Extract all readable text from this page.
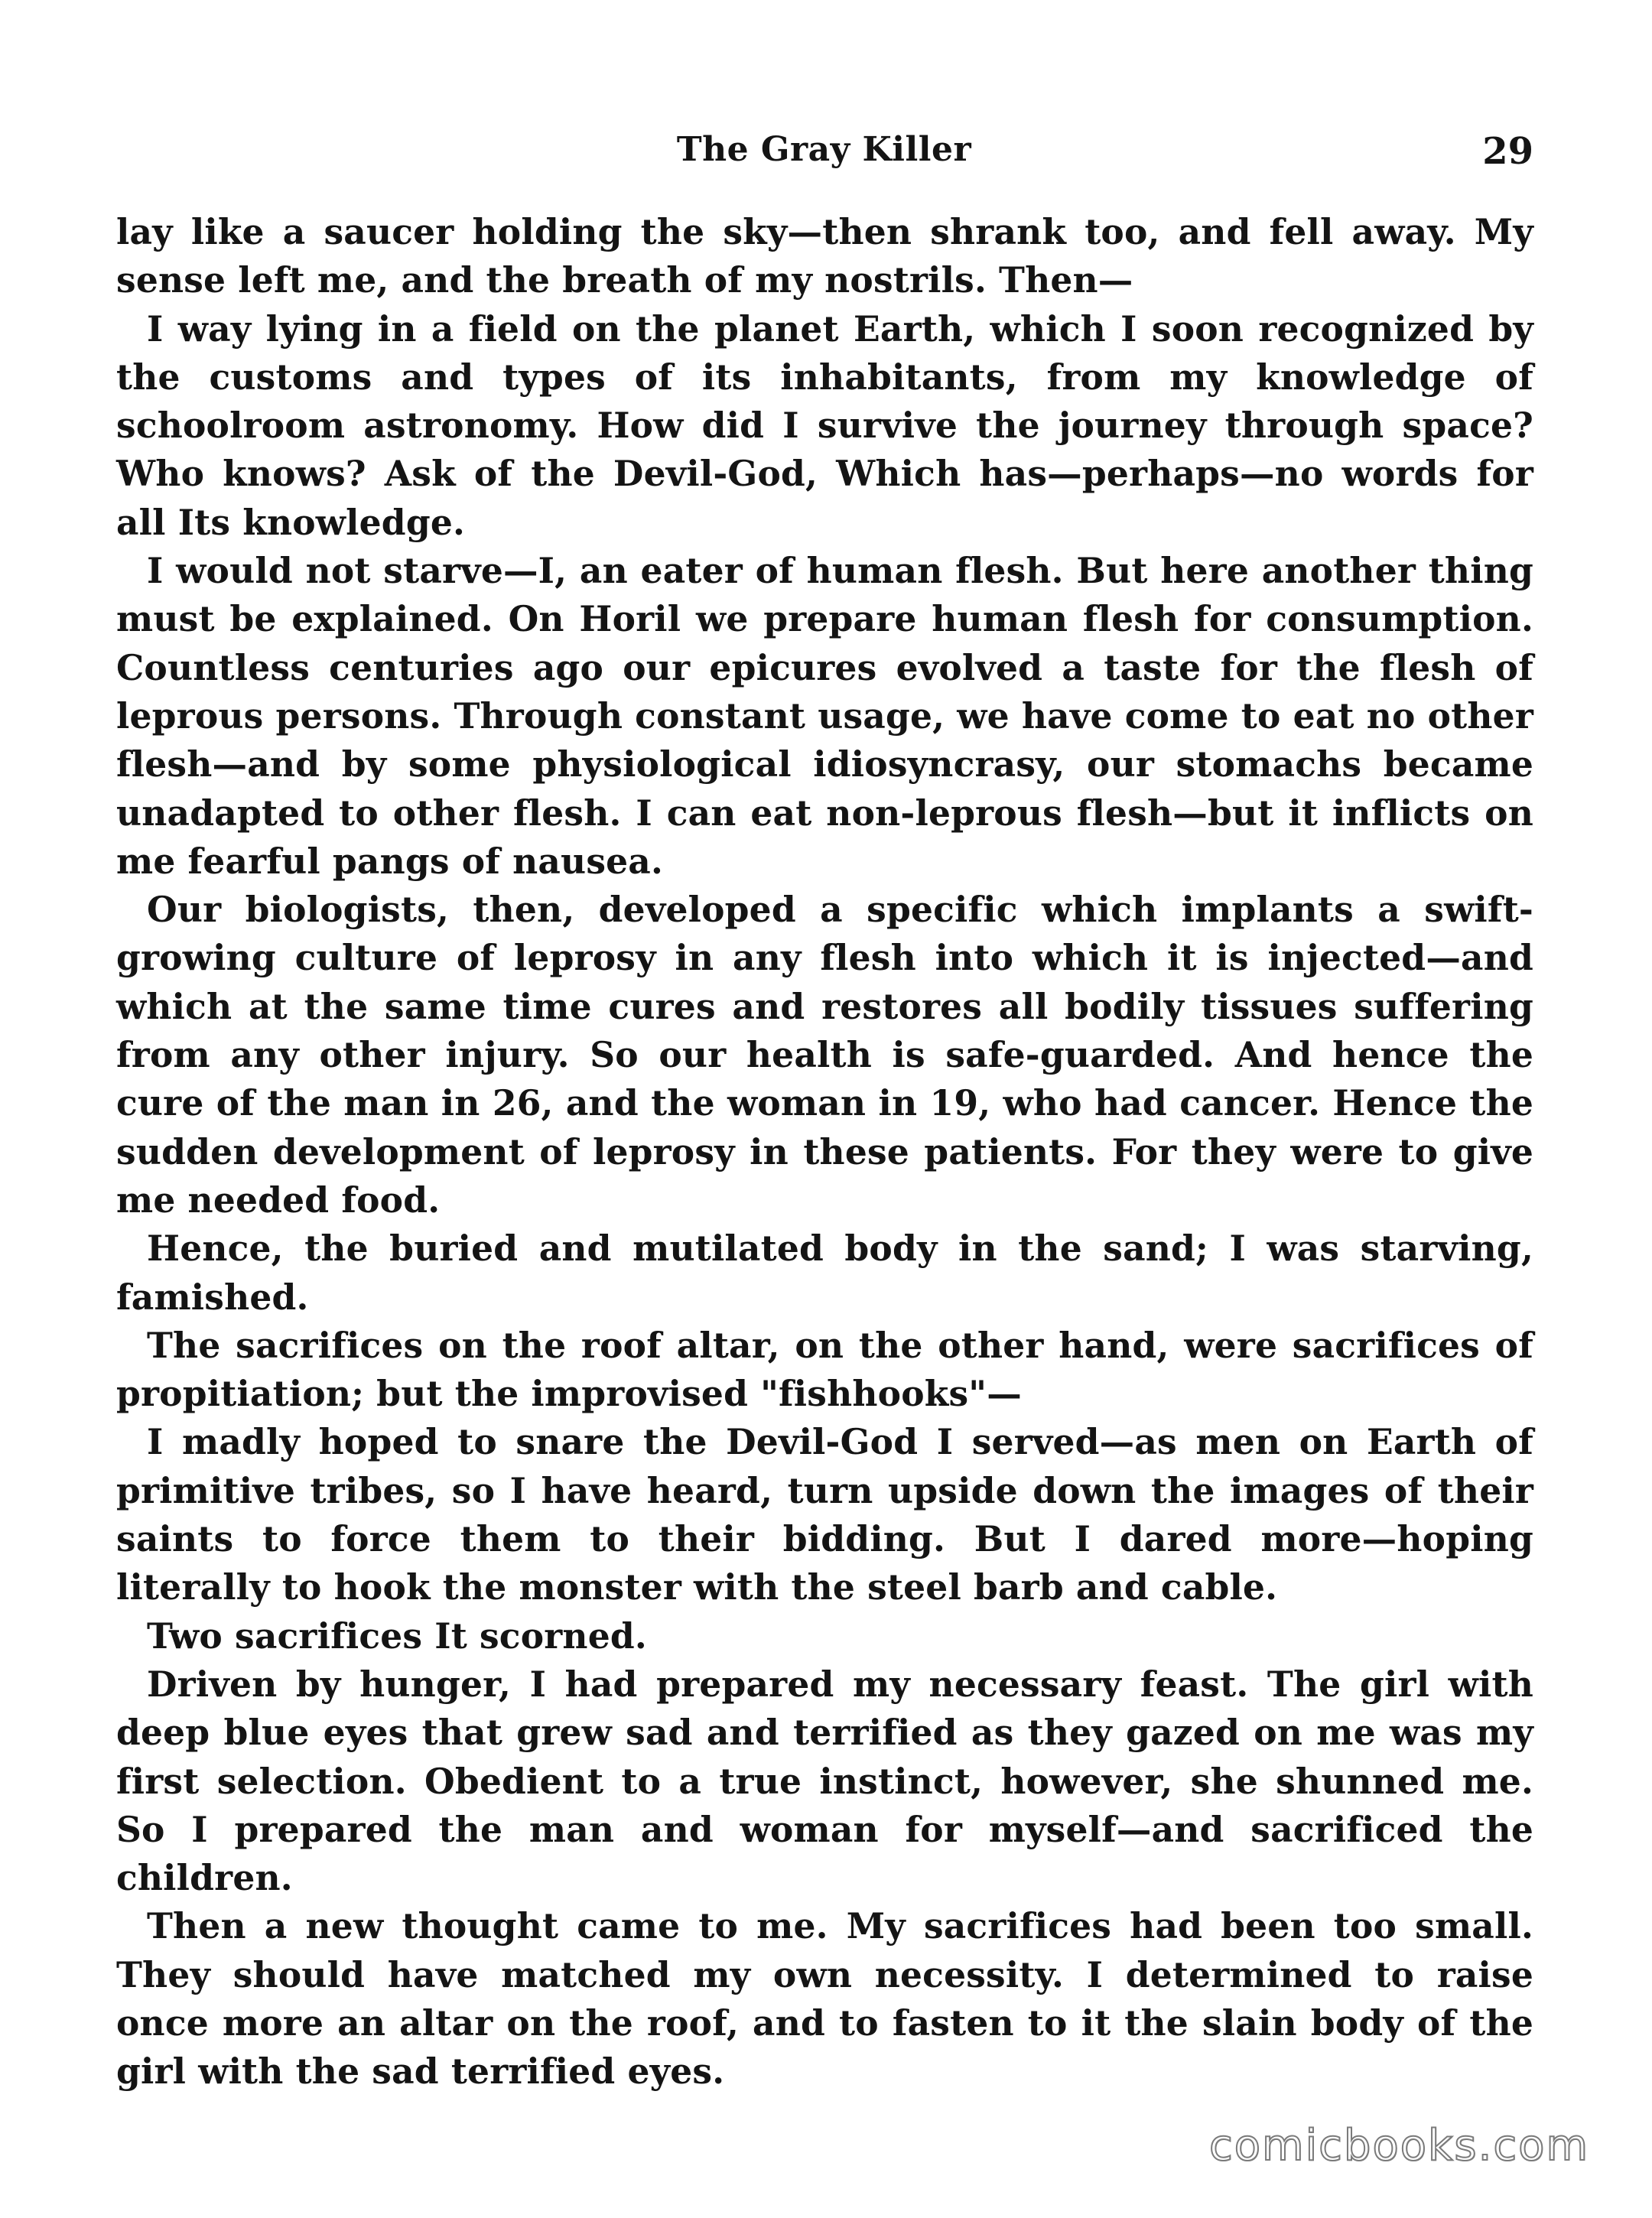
The Gray Killer	29

lay like a saucer holding the sky—then shrank too, and fell away. My sense left me, and the breath of my nostrils. Then—

I way lying in a field on the planet Earth, which I soon recognized by the customs and types of its inhabitants, from my knowledge of schoolroom astronomy. How did I survive the journey through space? Who knows? Ask of the Devil-God, Which has—perhaps—no words for all Its knowledge.

I would not starve—I, an eater of human flesh. But here another thing must be explained. On Horil we prepare human flesh for consumption. Countless centuries ago our epicures evolved a taste for the flesh of leprous persons. Through constant usage, we have come to eat no other flesh—and by some physiological idiosyncrasy, our stomachs became unadapted to other flesh. I can eat non-leprous flesh—but it inflicts on me fearful pangs of nausea.

Our biologists, then, developed a specific which implants a swift-growing culture of leprosy in any flesh into which it is injected—and which at the same time cures and restores all bodily tissues suffering from any other injury. So our health is safe-guarded. And hence the cure of the man in 26, and the woman in 19, who had cancer. Hence the sudden development of leprosy in these patients. For they were to give me needed food.

Hence, the buried and mutilated body in the sand; I was starving, famished.

The sacrifices on the roof altar, on the other hand, were sacrifices of propitiation; but the improvised "fishhooks"—

I madly hoped to snare the Devil-God I served—as men on Earth of primitive tribes, so I have heard, turn upside down the images of their saints to force them to their bidding. But I dared more—hoping literally to hook the monster with the steel barb and cable.

Two sacrifices It scorned.

Driven by hunger, I had prepared my necessary feast. The girl with deep blue eyes that grew sad and terrified as they gazed on me was my first selection. Obedient to a true instinct, however, she shunned me. So I prepared the man and woman for myself—and sacrificed the children.

Then a new thought came to me. My sacrifices had been too small. They should have matched my own necessity. I determined to raise once more an altar on the roof, and to fasten to it the slain body of the girl with the sad terrified eyes.

comicbooks.com
